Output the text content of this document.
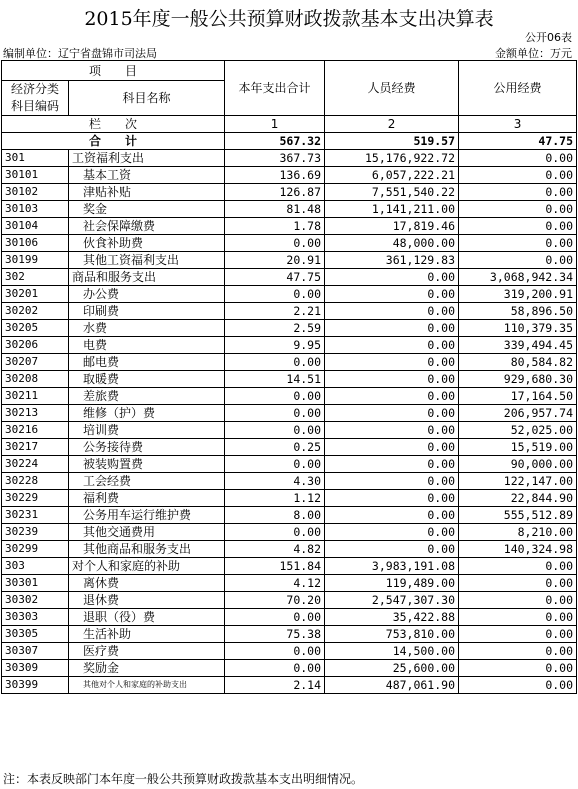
2015年度一般公共预算财政拨款基本支出决算表
公开06表
编制单位：辽宁省盘锦市司法局	金额单位：万元
项　　目		本年支出合计	人员经费	公用经费
经济分类
科目编码	科目名称			

栏　　次		1	2	3
合　　计		567.32	519.57	47.75
301	工资福利支出	367.73	15,176,922.72	0.00
30101	基本工资	136.69	6,057,222.21	0.00
30102	津贴补贴	126.87	7,551,540.22	0.00
30103	奖金	81.48	1,141,211.00	0.00
30104	社会保障缴费	1.78	17,819.46	0.00
30106	伙食补助费	0.00	48,000.00	0.00
30199	其他工资福利支出	20.91	361,129.83	0.00
302	商品和服务支出	47.75	0.00	3,068,942.34
30201	办公费	0.00	0.00	319,200.91
30202	印刷费	2.21	0.00	58,896.50
30205	水费	2.59	0.00	110,379.35
30206	电费	9.95	0.00	339,494.45
30207	邮电费	0.00	0.00	80,584.82
30208	取暖费	14.51	0.00	929,680.30
30211	差旅费	0.00	0.00	17,164.50
30213	维修（护）费	0.00	0.00	206,957.74
30216	培训费	0.00	0.00	52,025.00
30217	公务接待费	0.25	0.00	15,519.00
30224	被装购置费	0.00	0.00	90,000.00
30228	工会经费	4.30	0.00	122,147.00
30229	福利费	1.12	0.00	22,844.90
30231	公务用车运行维护费	8.00	0.00	555,512.89
30239	其他交通费用	0.00	0.00	8,210.00
30299	其他商品和服务支出	4.82	0.00	140,324.98
303	对个人和家庭的补助	151.84	3,983,191.08	0.00
30301	离休费	4.12	119,489.00	0.00
30302	退休费	70.20	2,547,307.30	0.00
30303	退职（役）费	0.00	35,422.88	0.00
30305	生活补助	75.38	753,810.00	0.00
30307	医疗费	0.00	14,500.00	0.00
30309	奖励金	0.00	25,600.00	0.00
30399	其他对个人和家庭的补助支出	2.14	487,061.90	0.00
注：本表反映部门本年度一般公共预算财政拨款基本支出明细情况。
